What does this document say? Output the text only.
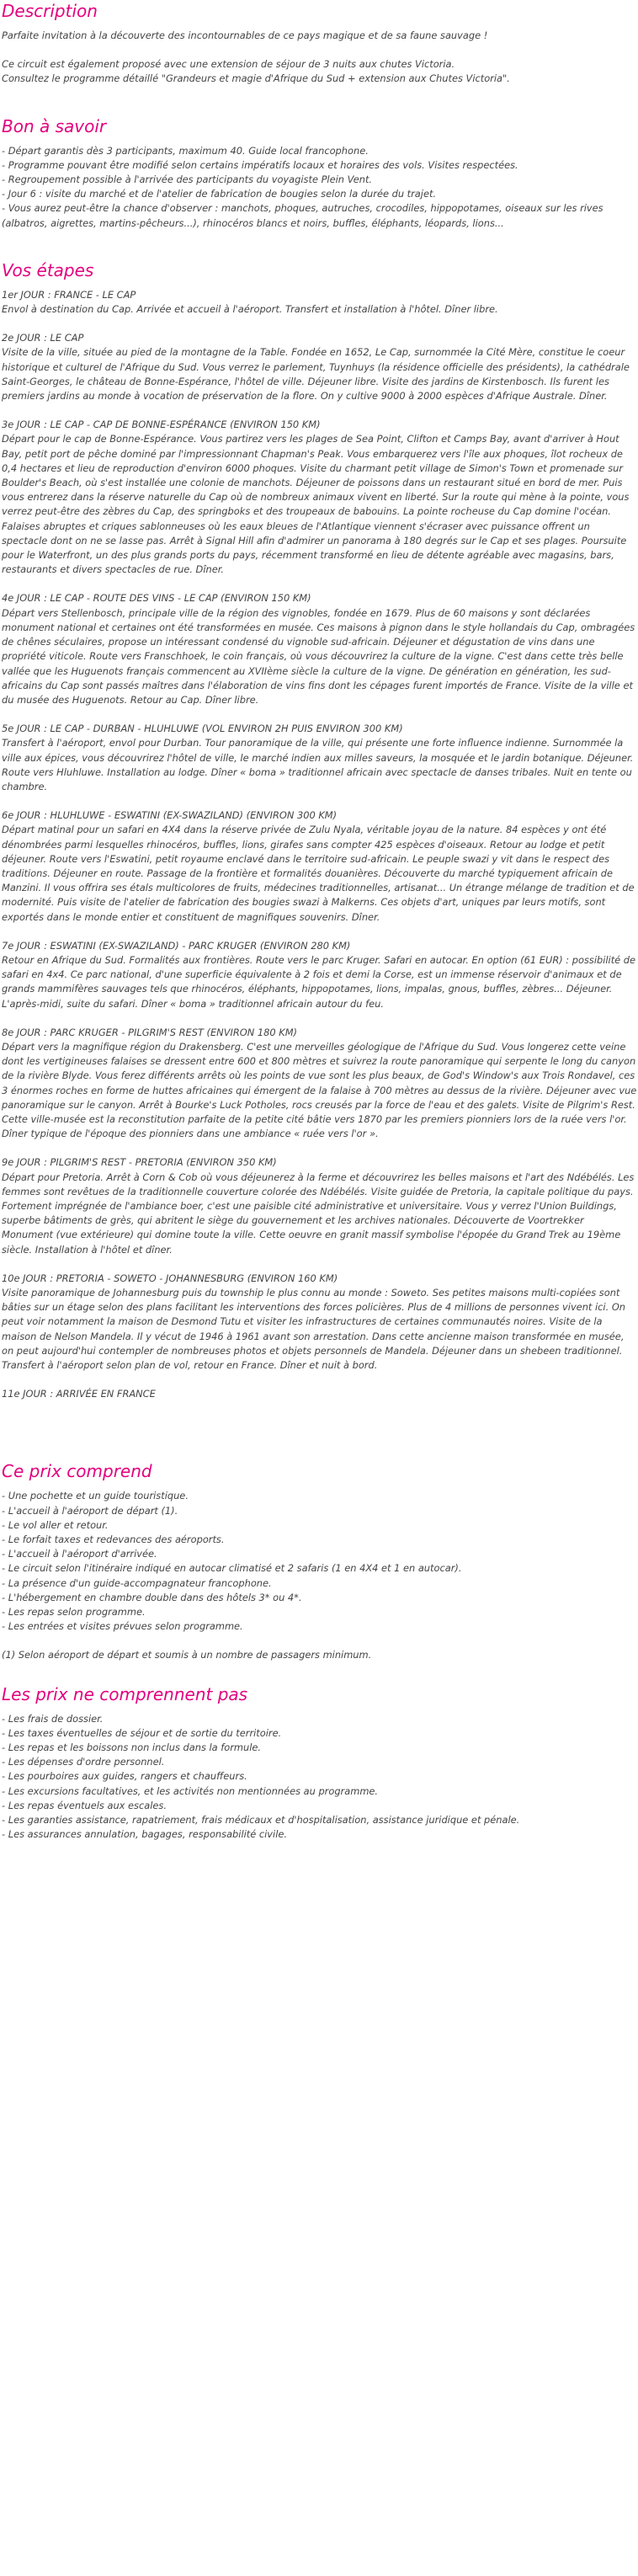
Description

Parfaite invitation à la découverte des incontournables de ce pays magique et de sa faune sauvage !

Ce circuit est également proposé avec une extension de séjour de 3 nuits aux chutes Victoria.

Consultez le programme détaillé "Grandeurs et magie d'Afrique du Sud + extension aux Chutes Victoria".

Bon à savoir
- Départ garantis dès 3 participants, maximum 40. Guide local francophone.
- Programme pouvant être modifié selon certains impératifs locaux et horaires des vols. Visites respectées.
- Regroupement possible à l'arrivée des participants du voyagiste Plein Vent.
- Jour 6 : visite du marché et de l'atelier de fabrication de bougies selon la durée du trajet.
- Vous aurez peut-être la chance d'observer : manchots, phoques, autruches, crocodiles, hippopotames, oiseaux sur les rives (albatros, aigrettes, martins-pêcheurs...), rhinocéros blancs et noirs, buffles, éléphants, léopards, lions...
Vos étapes

1er JOUR : FRANCE - LE CAP

Envol à destination du Cap. Arrivée et accueil à l'aéroport. Transfert et installation à l'hôtel. Dîner libre.

2e JOUR : LE CAP

Visite de la ville, située au pied de la montagne de la Table. Fondée en 1652, Le Cap, surnommée la Cité Mère, constitue le coeur historique et culturel de l'Afrique du Sud. Vous verrez le parlement, Tuynhuys (la résidence officielle des présidents), la cathédrale Saint-Georges, le château de Bonne-Espérance, l'hôtel de ville. Déjeuner libre. Visite des jardins de Kirstenbosch. Ils furent les premiers jardins au monde à vocation de préservation de la flore. On y cultive 9000 à 2000 espèces d'Afrique Australe. Dîner.

3e JOUR : LE CAP - CAP DE BONNE-ESPÉRANCE (ENVIRON 150 KM)

Départ pour le cap de Bonne-Espérance. Vous partirez vers les plages de Sea Point, Clifton et Camps Bay, avant d'arriver à Hout Bay, petit port de pêche dominé par l'impressionnant Chapman's Peak. Vous embarquerez vers l'île aux phoques, îlot rocheux de 0,4 hectares et lieu de reproduction d'environ 6000 phoques. Visite du charmant petit village de Simon's Town et promenade sur Boulder's Beach, où s'est installée une colonie de manchots. Déjeuner de poissons dans un restaurant situé en bord de mer. Puis vous entrerez dans la réserve naturelle du Cap où de nombreux animaux vivent en liberté. Sur la route qui mène à la pointe, vous verrez peut-être des zèbres du Cap, des springboks et des troupeaux de babouins. La pointe rocheuse du Cap domine l'océan. Falaises abruptes et criques sablonneuses où les eaux bleues de l'Atlantique viennent s'écraser avec puissance offrent un spectacle dont on ne se lasse pas. Arrêt à Signal Hill afin d'admirer un panorama à 180 degrés sur le Cap et ses plages. Poursuite pour le Waterfront, un des plus grands ports du pays, récemment transformé en lieu de détente agréable avec magasins, bars, restaurants et divers spectacles de rue. Dîner.

4e JOUR : LE CAP - ROUTE DES VINS - LE CAP (ENVIRON 150 KM)

Départ vers Stellenbosch, principale ville de la région des vignobles, fondée en 1679. Plus de 60 maisons y sont déclarées monument national et certaines ont été transformées en musée. Ces maisons à pignon dans le style hollandais du Cap, ombragées de chênes séculaires, propose un intéressant condensé du vignoble sud-africain. Déjeuner et dégustation de vins dans une propriété viticole. Route vers Franschhoek, le coin français, où vous découvrirez la culture de la vigne. C'est dans cette très belle vallée que les Huguenots français commencent au XVIIème siècle la culture de la vigne. De génération en génération, les sud-africains du Cap sont passés maîtres dans l'élaboration de vins fins dont les cépages furent importés de France. Visite de la ville et du musée des Huguenots. Retour au Cap. Dîner libre.

5e JOUR : LE CAP - DURBAN - HLUHLUWE (VOL ENVIRON 2H PUIS ENVIRON 300 KM)

Transfert à l'aéroport, envol pour Durban. Tour panoramique de la ville, qui présente une forte influence indienne. Surnommée la ville aux épices, vous découvrirez l'hôtel de ville, le marché indien aux milles saveurs, la mosquée et le jardin botanique. Déjeuner. Route vers Hluhluwe. Installation au lodge. Dîner « boma » traditionnel africain avec spectacle de danses tribales. Nuit en tente ou chambre.

6e JOUR : HLUHLUWE - ESWATINI (EX-SWAZILAND) (ENVIRON 300 KM)

Départ matinal pour un safari en 4X4 dans la réserve privée de Zulu Nyala, véritable joyau de la nature. 84 espèces y ont été dénombrées parmi lesquelles rhinocéros, buffles, lions, girafes sans compter 425 espèces d'oiseaux. Retour au lodge et petit déjeuner. Route vers l'Eswatini, petit royaume enclavé dans le territoire sud-africain. Le peuple swazi y vit dans le respect des traditions. Déjeuner en route. Passage de la frontière et formalités douanières. Découverte du marché typiquement africain de Manzini. Il vous offrira ses étals multicolores de fruits, médecines traditionnelles, artisanat... Un étrange mélange de tradition et de modernité. Puis visite de l'atelier de fabrication des bougies swazi à Malkerns. Ces objets d'art, uniques par leurs motifs, sont exportés dans le monde entier et constituent de magnifiques souvenirs. Dîner.

7e JOUR : ESWATINI (EX-SWAZILAND) - PARC KRUGER (ENVIRON 280 KM)

Retour en Afrique du Sud. Formalités aux frontières. Route vers le parc Kruger. Safari en autocar. En option (61 EUR) : possibilité de safari en 4x4. Ce parc national, d'une superficie équivalente à 2 fois et demi la Corse, est un immense réservoir d'animaux et de grands mammifères sauvages tels que rhinocéros, éléphants, hippopotames, lions, impalas, gnous, buffles, zèbres... Déjeuner. L'après-midi, suite du safari. Dîner « boma » traditionnel africain autour du feu.

8e JOUR : PARC KRUGER - PILGRIM'S REST (ENVIRON 180 KM)

Départ vers la magnifique région du Drakensberg. C'est une merveilles géologique de l'Afrique du Sud. Vous longerez cette veine dont les vertigineuses falaises se dressent entre 600 et 800 mètres et suivrez la route panoramique qui serpente le long du canyon de la rivière Blyde. Vous ferez différents arrêts où les points de vue sont les plus beaux, de God's Window's aux Trois Rondavel, ces 3 énormes roches en forme de huttes africaines qui émergent de la falaise à 700 mètres au dessus de la rivière. Déjeuner avec vue panoramique sur le canyon. Arrêt à Bourke's Luck Potholes, rocs creusés par la force de l'eau et des galets. Visite de Pilgrim's Rest. Cette ville-musée est la reconstitution parfaite de la petite cité bâtie vers 1870 par les premiers pionniers lors de la ruée vers l'or. Dîner typique de l'époque des pionniers dans une ambiance « ruée vers l'or ».

9e JOUR : PILGRIM'S REST - PRETORIA (ENVIRON 350 KM)

Départ pour Pretoria. Arrêt à Corn & Cob où vous déjeunerez à la ferme et découvrirez les belles maisons et l'art des Ndébélés. Les femmes sont revêtues de la traditionnelle couverture colorée des Ndébélés. Visite guidée de Pretoria, la capitale politique du pays. Fortement imprégnée de l'ambiance boer, c'est une paisible cité administrative et universitaire. Vous y verrez l'Union Buildings, superbe bâtiments de grès, qui abritent le siège du gouvernement et les archives nationales. Découverte de Voortrekker Monument (vue extérieure) qui domine toute la ville. Cette oeuvre en granit massif symbolise l'épopée du Grand Trek au 19ème siècle. Installation à l'hôtel et dîner.

10e JOUR : PRETORIA - SOWETO - JOHANNESBURG (ENVIRON 160 KM)

Visite panoramique de Johannesburg puis du township le plus connu au monde : Soweto. Ses petites maisons multi-copiées sont bâties sur un étage selon des plans facilitant les interventions des forces policières. Plus de 4 millions de personnes vivent ici. On peut voir notamment la maison de Desmond Tutu et visiter les infrastructures de certaines communautés noires. Visite de la maison de Nelson Mandela. Il y vécut de 1946 à 1961 avant son arrestation. Dans cette ancienne maison transformée en musée, on peut aujourd'hui contempler de nombreuses photos et objets personnels de Mandela. Déjeuner dans un shebeen traditionnel. Transfert à l'aéroport selon plan de vol, retour en France. Dîner et nuit à bord.

11e JOUR : ARRIVÉE EN FRANCE

Ce prix comprend
- Une pochette et un guide touristique.
- L'accueil à l'aéroport de départ (1).
- Le vol aller et retour.
- Le forfait taxes et redevances des aéroports.
- L'accueil à l'aéroport d'arrivée.
- Le circuit selon l'itinéraire indiqué en autocar climatisé et 2 safaris (1 en 4X4 et 1 en autocar).
- La présence d'un guide-accompagnateur francophone.
- L'hébergement en chambre double dans des hôtels 3* ou 4*.
- Les repas selon programme.
- Les entrées et visites prévues selon programme.

(1) Selon aéroport de départ et soumis à un nombre de passagers minimum.

Les prix ne comprennent pas
- Les frais de dossier.
- Les taxes éventuelles de séjour et de sortie du territoire.
- Les repas et les boissons non inclus dans la formule.
- Les dépenses d'ordre personnel.
- Les pourboires aux guides, rangers et chauffeurs.
- Les excursions facultatives, et les activités non mentionnées au programme.
- Les repas éventuels aux escales.
- Les garanties assistance, rapatriement, frais médicaux et d'hospitalisation, assistance juridique et pénale.
- Les assurances annulation, bagages, responsabilité civile.
